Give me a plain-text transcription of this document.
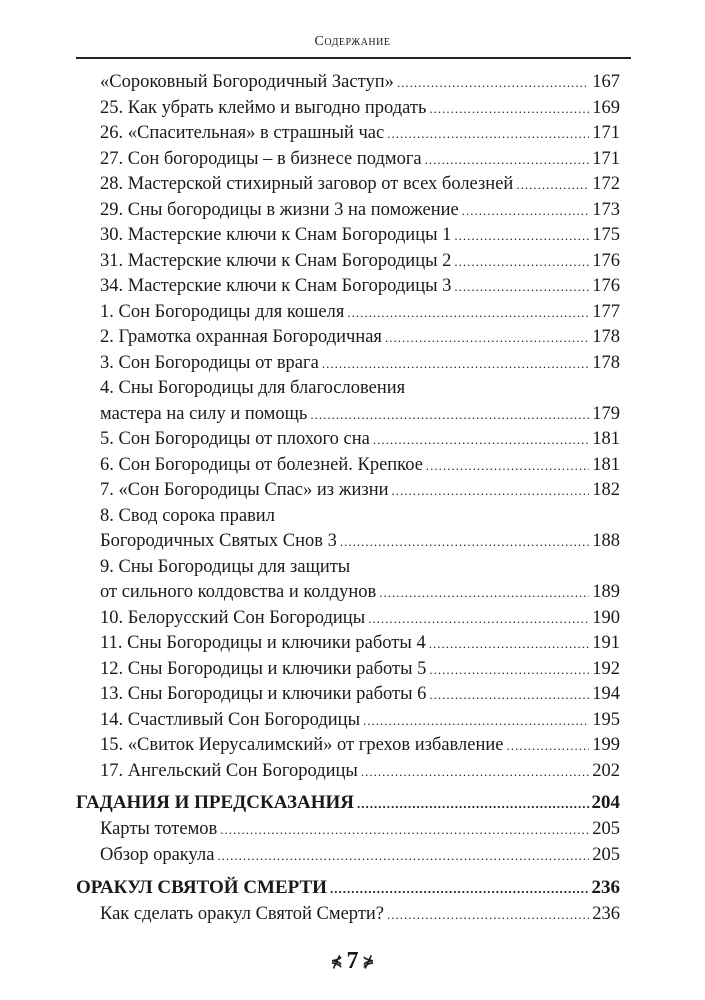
Содержание
«Сороковный Богородичный Заступ» .....	167
25. Как убрать клеймо и выгодно продать .....	169
26. «Спасительная» в страшный час .....	171
27. Сон богородицы – в бизнесе подмога .....	171
28. Мастерской стихирный заговор от всех болезней .....	172
29. Сны богородицы в жизни 3 на поможение .....	173
30. Мастерские ключи к Снам Богородицы 1 .....	175
31. Мастерские ключи к Снам Богородицы 2 .....	176
34. Мастерские ключи к Снам Богородицы 3 .....	176
1. Сон Богородицы для кошеля .....	177
2. Грамотка охранная Богородичная .....	178
3. Сон Богородицы от врага .....	178
4. Сны Богородицы для благословения
мастера на силу и помощь .....	179
5. Сон Богородицы от плохого сна .....	181
6. Сон Богородицы от болезней. Крепкое .....	181
7. «Сон Богородицы Спас» из жизни .....	182
8. Свод сорока правил
Богородичных Святых Снов 3 .....	188
9. Сны Богородицы для защиты
от сильного колдовства и колдунов .....	189
10. Белорусский Сон Богородицы .....	190
11. Сны Богородицы и ключики работы 4 .....	191
12. Сны Богородицы и ключики работы 5 .....	192
13. Сны Богородицы и ключики работы 6 .....	194
14. Счастливый Сон Богородицы .....	195
15. «Свиток Иерусалимский» от грехов избавление .....	199
17. Ангельский Сон Богородицы .....	202
ГАДАНИЯ И ПРЕДСКАЗАНИЯ .....	204
Карты тотемов .....	205
Обзор оракула .....	205
ОРАКУЛ СВЯТОЙ СМЕРТИ .....	236
Как сделать оракул Святой Смерти? .....	236
⋠ 7 ⋡
